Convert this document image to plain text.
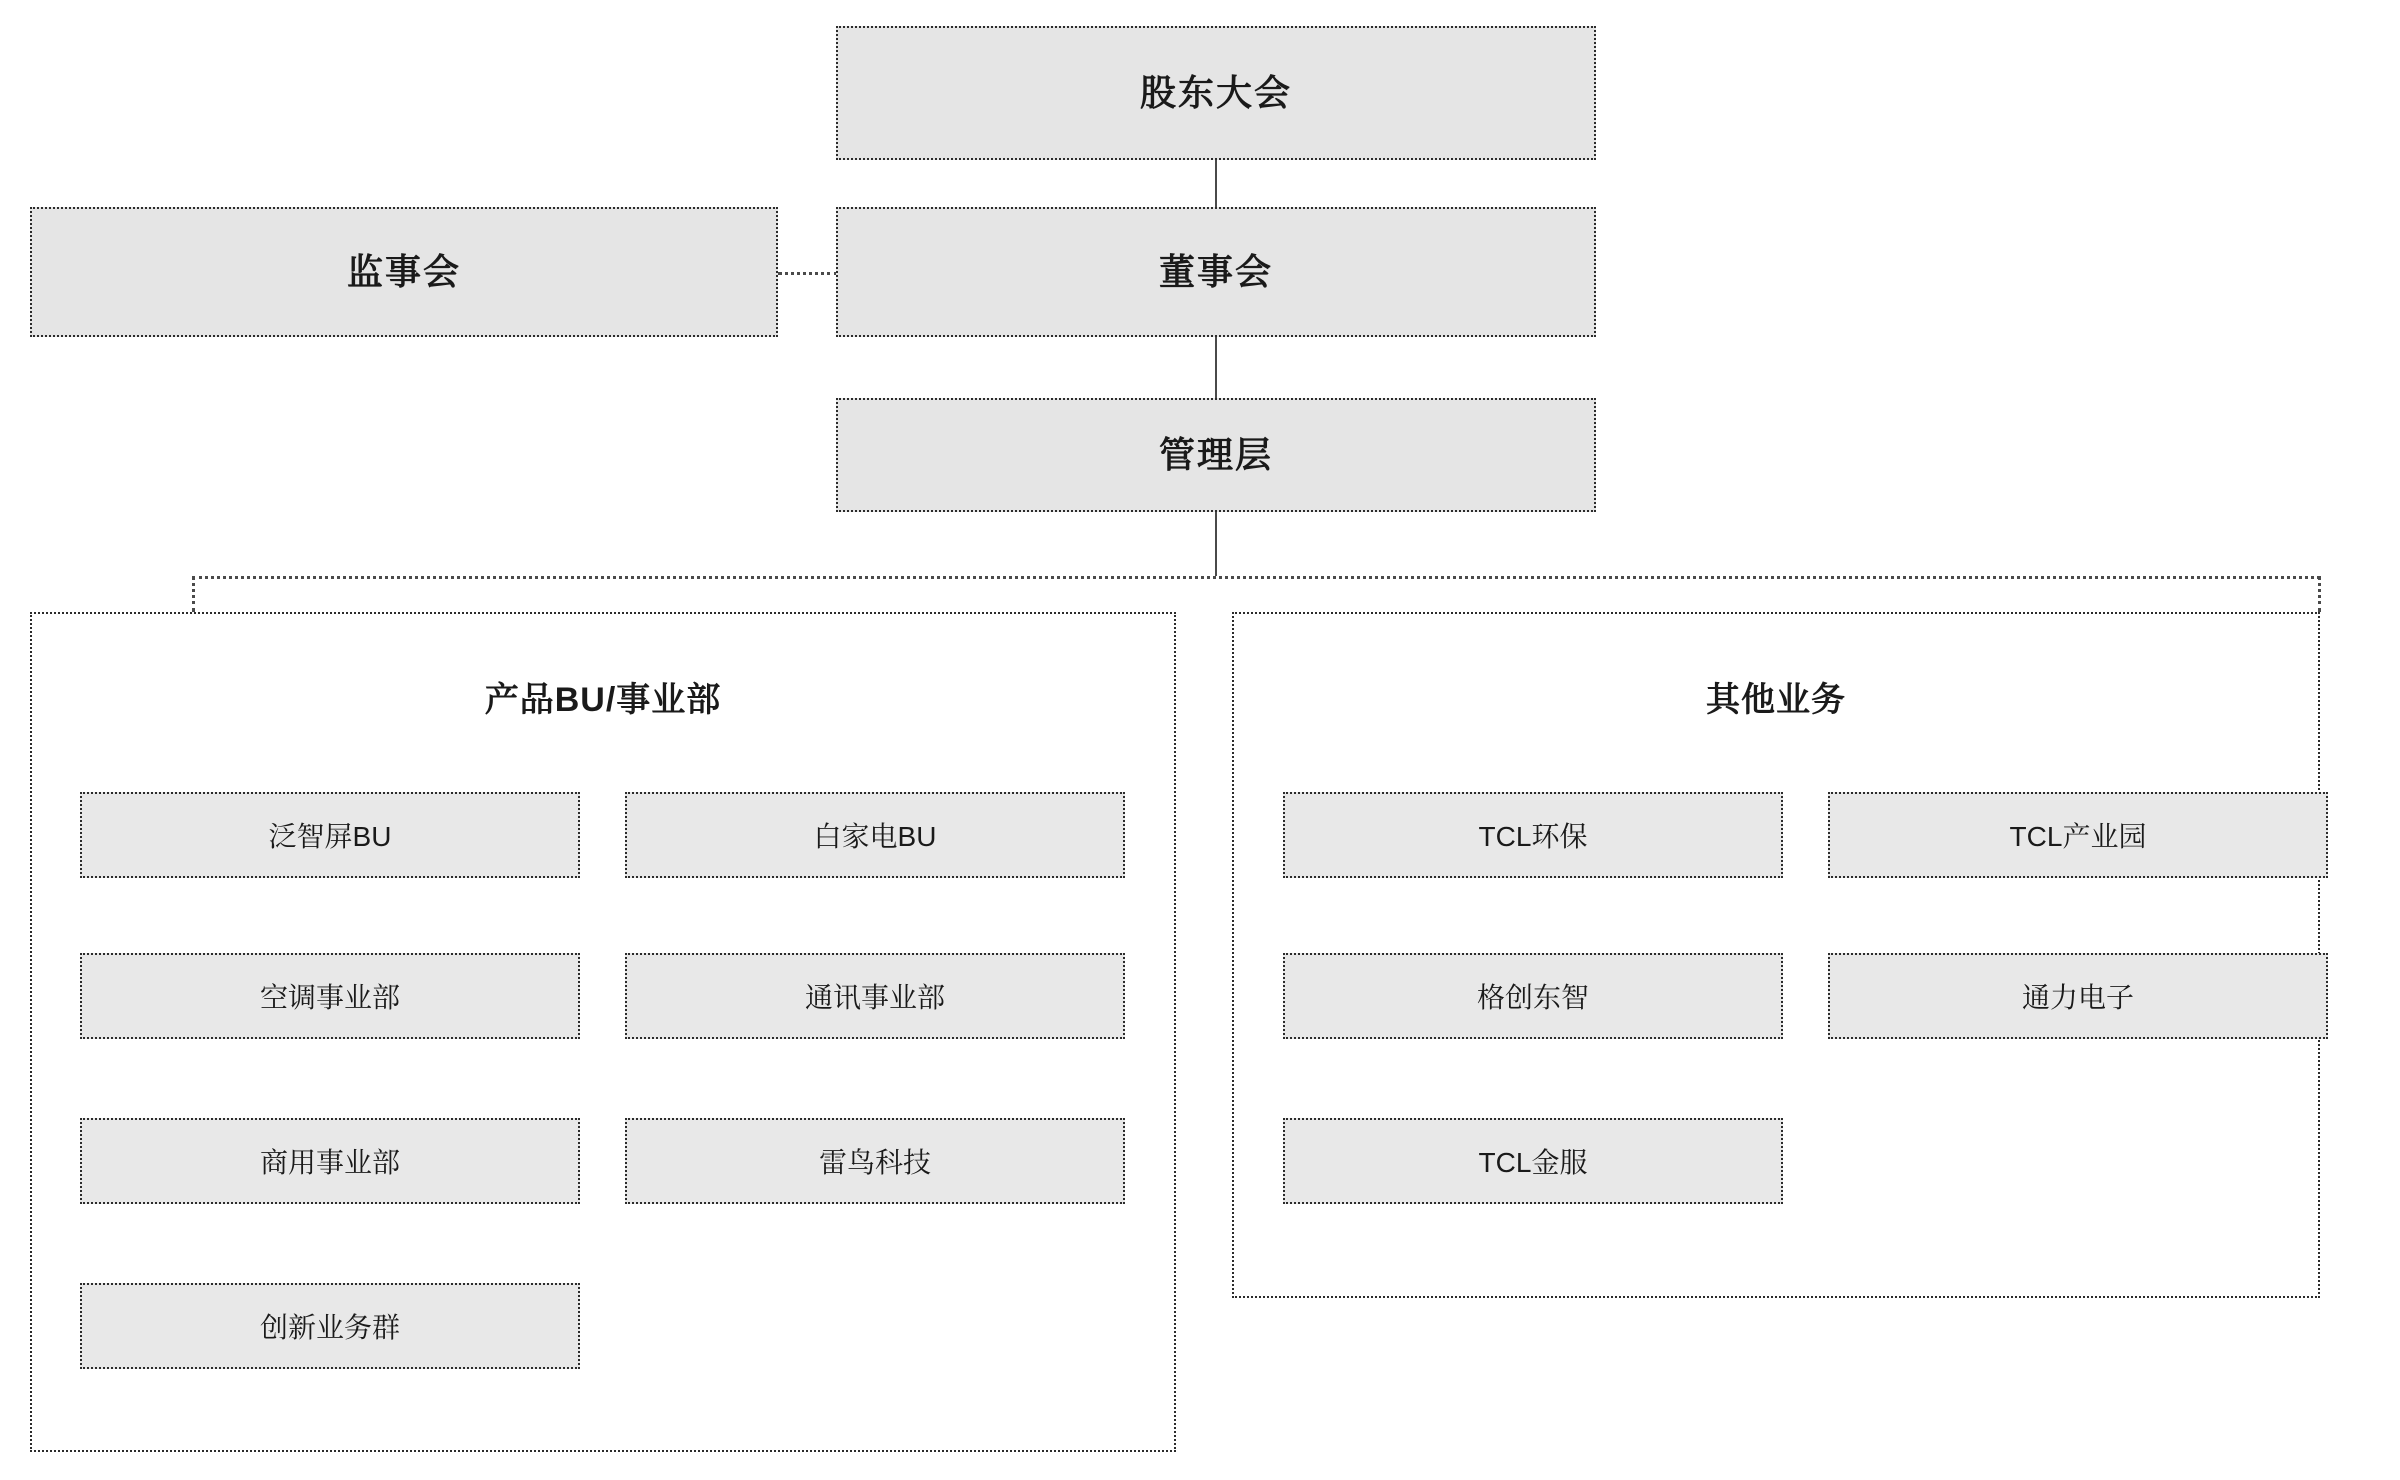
股东大会
监事会	董事会
管理层
产品BU/事业部
泛智屏BU	白家电BU
空调事业部	通讯事业部
商用事业部	雷鸟科技
创新业务群
其他业务
TCL环保	TCL产业园
格创东智	通力电子
TCL金服
